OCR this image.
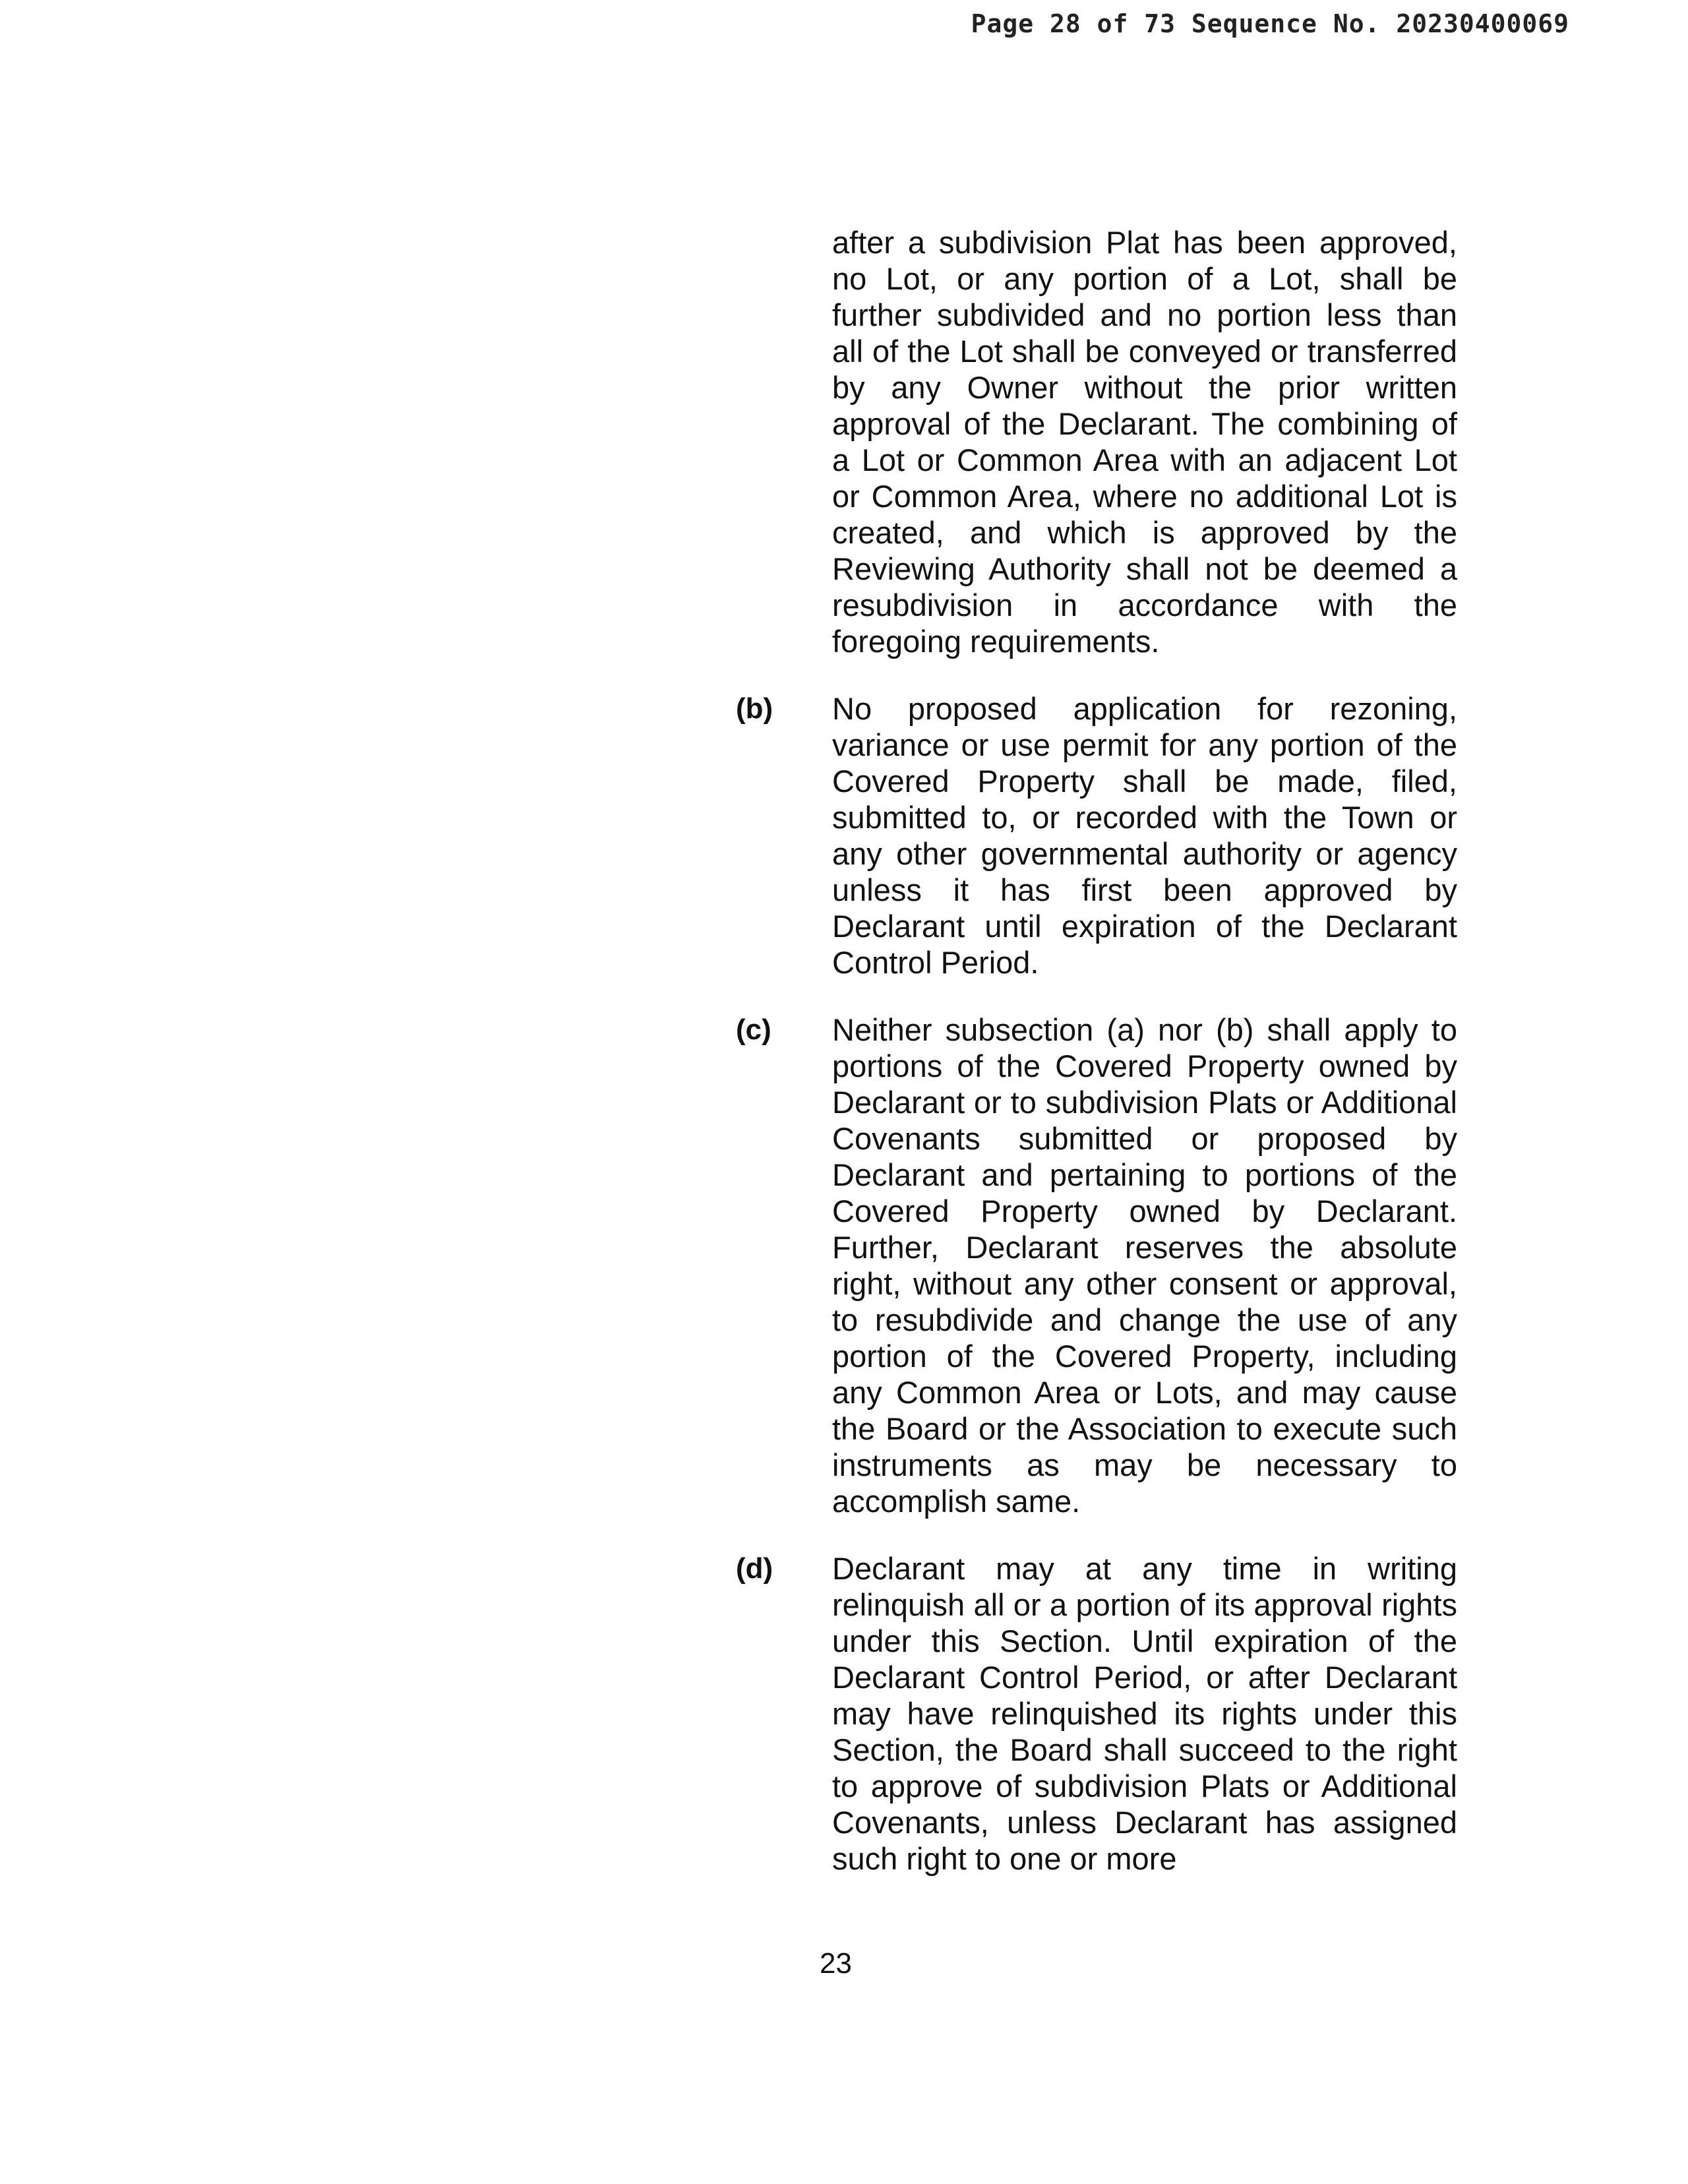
Page 28 of 73 Sequence No. 20230400069

after a subdivision Plat has been approved, no Lot, or any portion of a Lot, shall be further subdivided and no portion less than all of the Lot shall be conveyed or transferred by any Owner without the prior written approval of the Declarant. The combining of a Lot or Common Area with an adjacent Lot or Common Area, where no additional Lot is created, and which is approved by the Reviewing Authority shall not be deemed a resubdivision in accordance with the foregoing requirements.

(b) No proposed application for rezoning, variance or use permit for any portion of the Covered Property shall be made, filed, submitted to, or recorded with the Town or any other governmental authority or agency unless it has first been approved by Declarant until expiration of the Declarant Control Period.

(c) Neither subsection (a) nor (b) shall apply to portions of the Covered Property owned by Declarant or to subdivision Plats or Additional Covenants submitted or proposed by Declarant and pertaining to portions of the Covered Property owned by Declarant. Further, Declarant reserves the absolute right, without any other consent or approval, to resubdivide and change the use of any portion of the Covered Property, including any Common Area or Lots, and may cause the Board or the Association to execute such instruments as may be necessary to accomplish same.

(d) Declarant may at any time in writing relinquish all or a portion of its approval rights under this Section. Until expiration of the Declarant Control Period, or after Declarant may have relinquished its rights under this Section, the Board shall succeed to the right to approve of subdivision Plats or Additional Covenants, unless Declarant has assigned such right to one or more

23
